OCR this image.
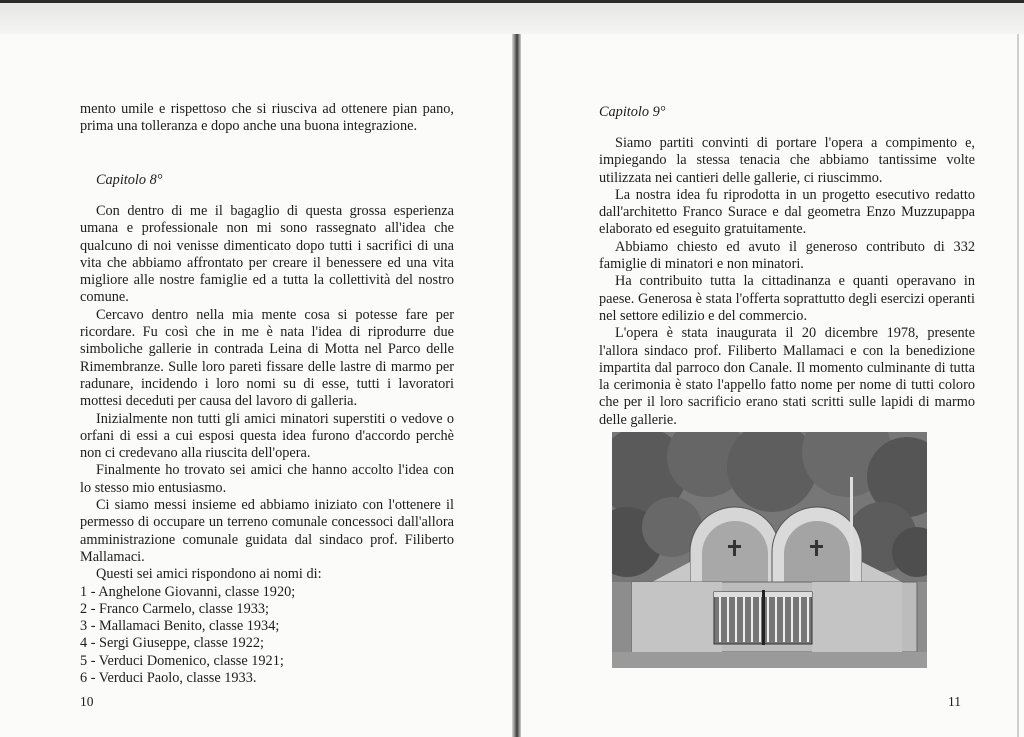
mento umile e rispettoso che si riusciva ad ottenere pian pano, prima una tolleranza e dopo anche una buona integrazione.

Capitolo 8°

Con dentro di me il bagaglio di questa grossa esperienza umana e professionale non mi sono rassegnato all'idea che qualcuno di noi venisse dimenticato dopo tutti i sacrifici di una vita che abbiamo affrontato per creare il benessere ed una vita migliore alle nostre famiglie ed a tutta la collettività del nostro comune.

Cercavo dentro nella mia mente cosa si potesse fare per ricordare. Fu così che in me è nata l'idea di riprodurre due simboliche gallerie in contrada Leina di Motta nel Parco delle Rimembranze. Sulle loro pareti fissare delle lastre di marmo per radunare, incidendo i loro nomi su di esse, tutti i lavoratori mottesi deceduti per causa del lavoro di galleria.

Inizialmente non tutti gli amici minatori superstiti o vedove o orfani di essi a cui esposi questa idea furono d'accordo perchè non ci credevano alla riuscita dell'opera.

Finalmente ho trovato sei amici che hanno accolto l'idea con lo stesso mio entusiasmo.

Ci siamo messi insieme ed abbiamo iniziato con l'ottenere il permesso di occupare un terreno comunale concessoci dall'allora amministrazione comunale guidata dal sindaco prof. Filiberto Mallamaci.

Questi sei amici rispondono ai nomi di:

1 - Anghelone Giovanni, classe 1920;
2 - Franco Carmelo, classe 1933;
3 - Mallamaci Benito, classe 1934;
4 - Sergi Giuseppe, classe 1922;
5 - Verduci Domenico, classe 1921;
6 - Verduci Paolo, classe 1933.
10
Capitolo 9°

Siamo partiti convinti di portare l'opera a compimento e, impiegando la stessa tenacia che abbiamo tantissime volte utilizzata nei cantieri delle gallerie, ci riuscimmo.

La nostra idea fu riprodotta in un progetto esecutivo redatto dall'architetto Franco Surace e dal geometra Enzo Muzzupappa elaborato ed eseguito gratuitamente.

Abbiamo chiesto ed avuto il generoso contributo di 332 famiglie di minatori e non minatori.

Ha contribuito tutta la cittadinanza e quanti operavano in paese. Generosa è stata l'offerta soprattutto degli esercizi operanti nel settore edilizio e del commercio.

L'opera è stata inaugurata il 20 dicembre 1978, presente l'allora sindaco prof. Filiberto Mallamaci e con la benedizione impartita dal parroco don Canale. Il momento culminante di tutta la cerimonia è stato l'appello fatto nome per nome di tutti coloro che per il loro sacrificio erano stati scritti sulle lapidi di marmo delle gallerie.

11
